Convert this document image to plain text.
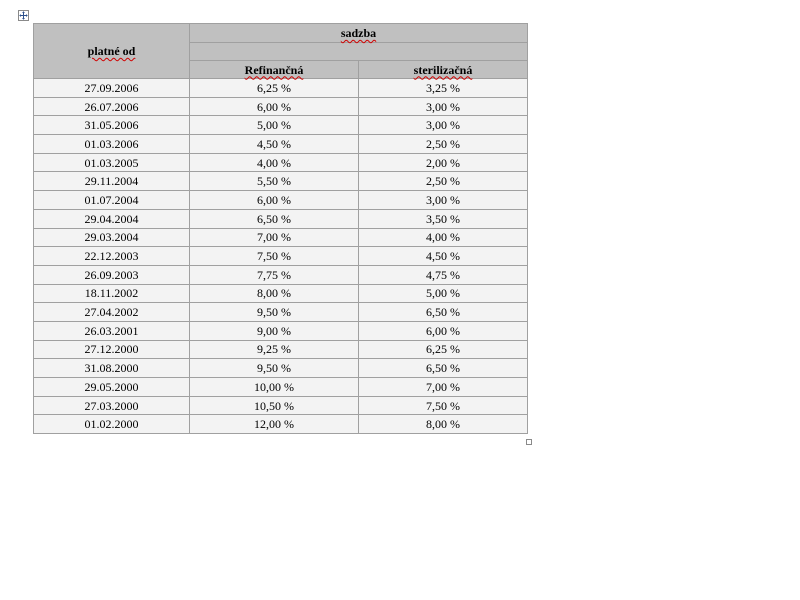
platné od	sadzba	

	Refinančná	sterilizačná
27.09.2006	6,25 %	3,25 %
26.07.2006	6,00 %	3,00 %
31.05.2006	5,00 %	3,00 %
01.03.2006	4,50 %	2,50 %
01.03.2005	4,00 %	2,00 %
29.11.2004	5,50 %	2,50 %
01.07.2004	6,00 %	3,00 %
29.04.2004	6,50 %	3,50 %
29.03.2004	7,00 %	4,00 %
22.12.2003	7,50 %	4,50 %
26.09.2003	7,75 %	4,75 %
18.11.2002	8,00 %	5,00 %
27.04.2002	9,50 %	6,50 %
26.03.2001	9,00 %	6,00 %
27.12.2000	9,25 %	6,25 %
31.08.2000	9,50 %	6,50 %
29.05.2000	10,00 %	7,00 %
27.03.2000	10,50 %	7,50 %
01.02.2000	12,00 %	8,00 %
